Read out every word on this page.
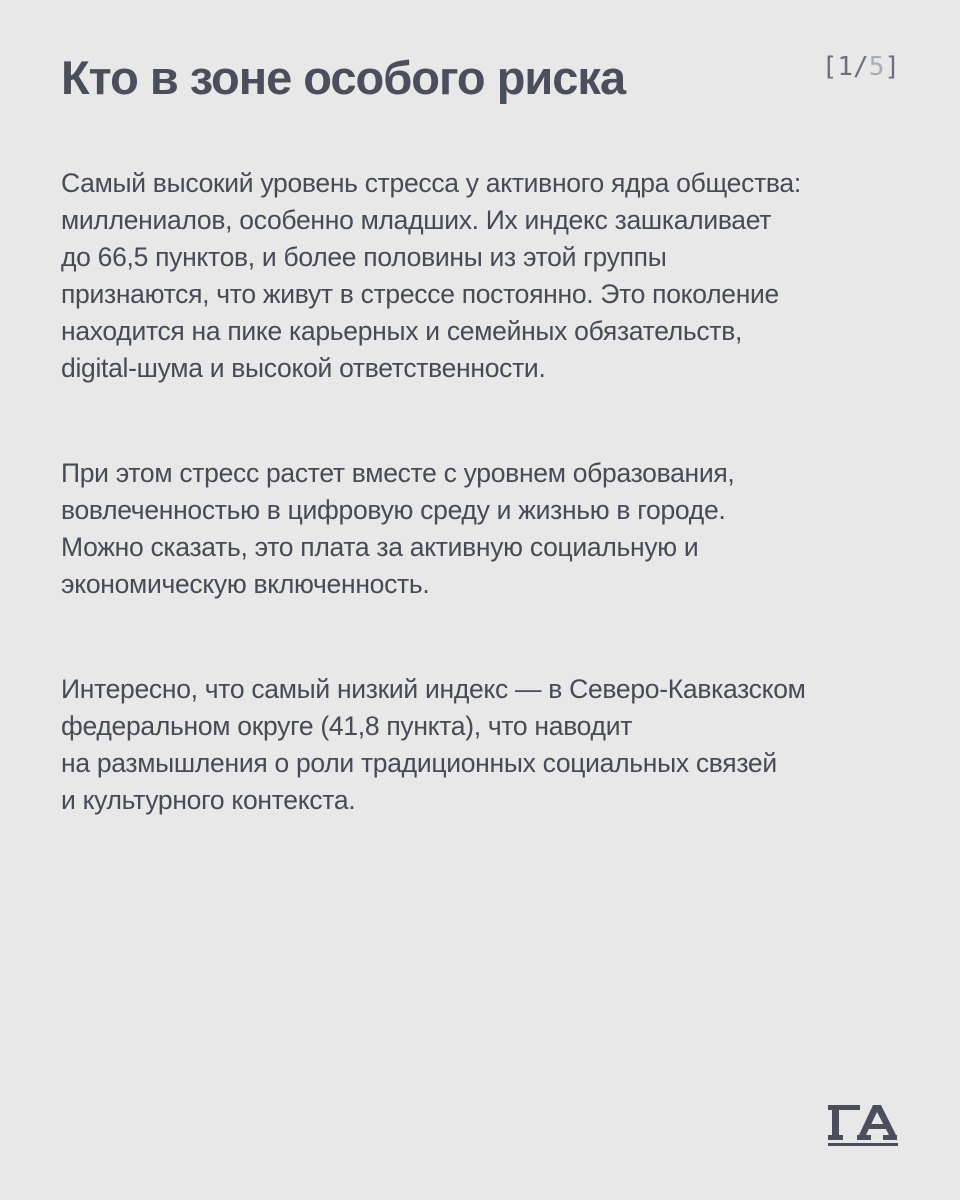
Кто в зоне особого риска	[1/5]

Самый высокий уровень стресса у активного ядра общества:
миллениалов, особенно младших. Их индекс зашкаливает
до 66,5 пунктов, и более половины из этой группы
признаются, что живут в стрессе постоянно. Это поколение
находится на пике карьерных и семейных обязательств,
digital-шума и высокой ответственности.

При этом стресс растет вместе с уровнем образования,
вовлеченностью в цифровую среду и жизнью в городе.
Можно сказать, это плата за активную социальную и
экономическую включенность.

Интересно, что самый низкий индекс — в Северо-Кавказском
федеральном округе (41,8 пункта), что наводит
на размышления о роли традиционных социальных связей
и культурного контекста.
